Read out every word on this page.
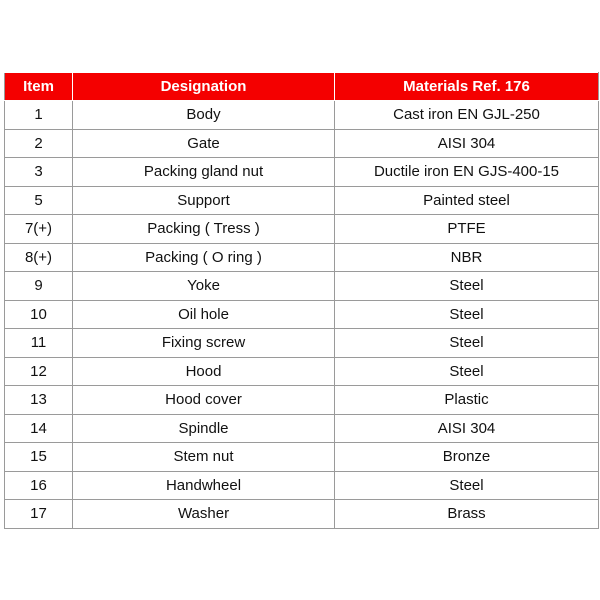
Item	Designation	Materials Ref. 176
1	Body	Cast iron EN GJL-250
2	Gate	AISI 304
3	Packing gland nut	Ductile iron EN GJS-400-15
5	Support	Painted steel
7(+)	Packing ( Tress )	PTFE
8(+)	Packing ( O ring )	NBR
9	Yoke	Steel
10	Oil hole	Steel
11	Fixing screw	Steel
12	Hood	Steel
13	Hood cover	Plastic
14	Spindle	AISI 304
15	Stem nut	Bronze
16	Handwheel	Steel
17	Washer	Brass
